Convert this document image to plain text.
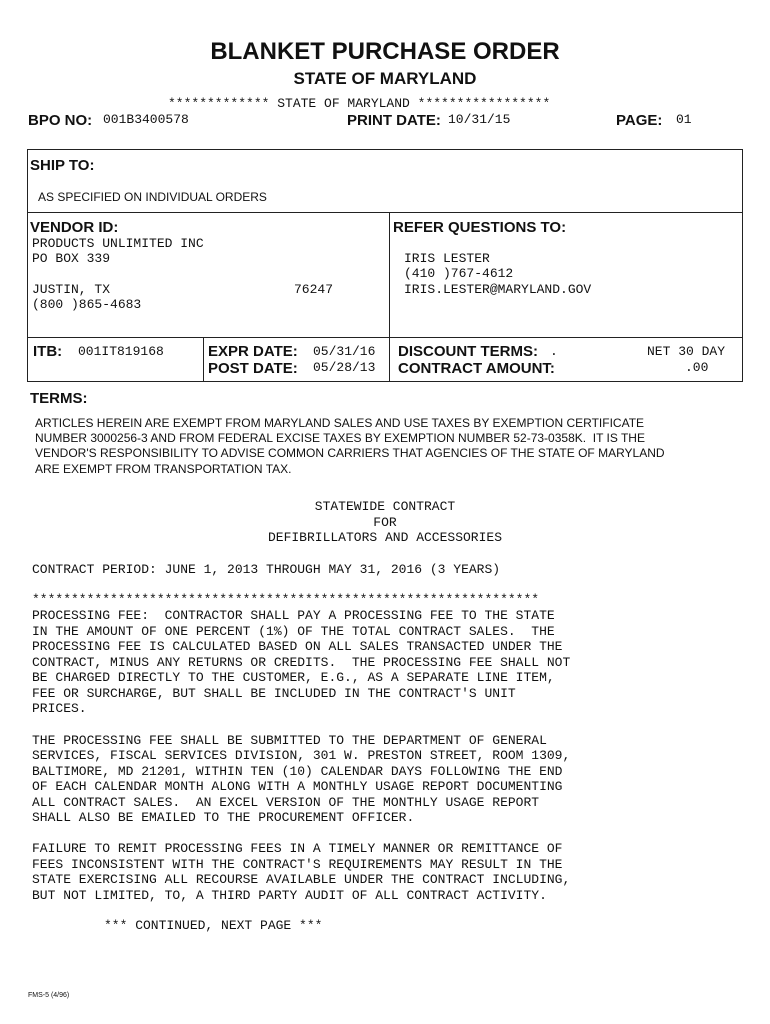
BLANKET PURCHASE ORDER
STATE OF MARYLAND
************* STATE OF MARYLAND *****************
BPO NO: 001B3400578	PRINT DATE: 10/31/15	PAGE: 01
SHIP TO:
AS SPECIFIED ON INDIVIDUAL ORDERS
VENDOR ID:
PRODUCTS UNLIMITED INC
PO BOX 339
JUSTIN, TX	76247
(800 )865-4683
REFER QUESTIONS TO:
IRIS LESTER
(410 )767-4612
IRIS.LESTER@MARYLAND.GOV
ITB: 001IT819168	EXPR DATE: 05/31/16
POST DATE: 05/28/13
DISCOUNT TERMS: .	NET 30 DAY
CONTRACT AMOUNT:	.00
TERMS:
ARTICLES HEREIN ARE EXEMPT FROM MARYLAND SALES AND USE TAXES BY EXEMPTION CERTIFICATE
NUMBER 3000256-3 AND FROM FEDERAL EXCISE TAXES BY EXEMPTION NUMBER 52-73-0358K.  IT IS THE
VENDOR'S RESPONSIBILITY TO ADVISE COMMON CARRIERS THAT AGENCIES OF THE STATE OF MARYLAND
ARE EXEMPT FROM TRANSPORTATION TAX.
STATEWIDE CONTRACT
FOR
DEFIBRILLATORS AND ACCESSORIES
CONTRACT PERIOD: JUNE 1, 2013 THROUGH MAY 31, 2016 (3 YEARS)
*****************************************************************
PROCESSING FEE:  CONTRACTOR SHALL PAY A PROCESSING FEE TO THE STATE
IN THE AMOUNT OF ONE PERCENT (1%) OF THE TOTAL CONTRACT SALES.  THE
PROCESSING FEE IS CALCULATED BASED ON ALL SALES TRANSACTED UNDER THE
CONTRACT, MINUS ANY RETURNS OR CREDITS.  THE PROCESSING FEE SHALL NOT
BE CHARGED DIRECTLY TO THE CUSTOMER, E.G., AS A SEPARATE LINE ITEM,
FEE OR SURCHARGE, BUT SHALL BE INCLUDED IN THE CONTRACT'S UNIT
PRICES.
THE PROCESSING FEE SHALL BE SUBMITTED TO THE DEPARTMENT OF GENERAL
SERVICES, FISCAL SERVICES DIVISION, 301 W. PRESTON STREET, ROOM 1309,
BALTIMORE, MD 21201, WITHIN TEN (10) CALENDAR DAYS FOLLOWING THE END
OF EACH CALENDAR MONTH ALONG WITH A MONTHLY USAGE REPORT DOCUMENTING
ALL CONTRACT SALES.  AN EXCEL VERSION OF THE MONTHLY USAGE REPORT
SHALL ALSO BE EMAILED TO THE PROCUREMENT OFFICER.
FAILURE TO REMIT PROCESSING FEES IN A TIMELY MANNER OR REMITTANCE OF
FEES INCONSISTENT WITH THE CONTRACT'S REQUIREMENTS MAY RESULT IN THE
STATE EXERCISING ALL RECOURSE AVAILABLE UNDER THE CONTRACT INCLUDING,
BUT NOT LIMITED, TO, A THIRD PARTY AUDIT OF ALL CONTRACT ACTIVITY.
*** CONTINUED, NEXT PAGE ***
FMS-5 (4/96)
